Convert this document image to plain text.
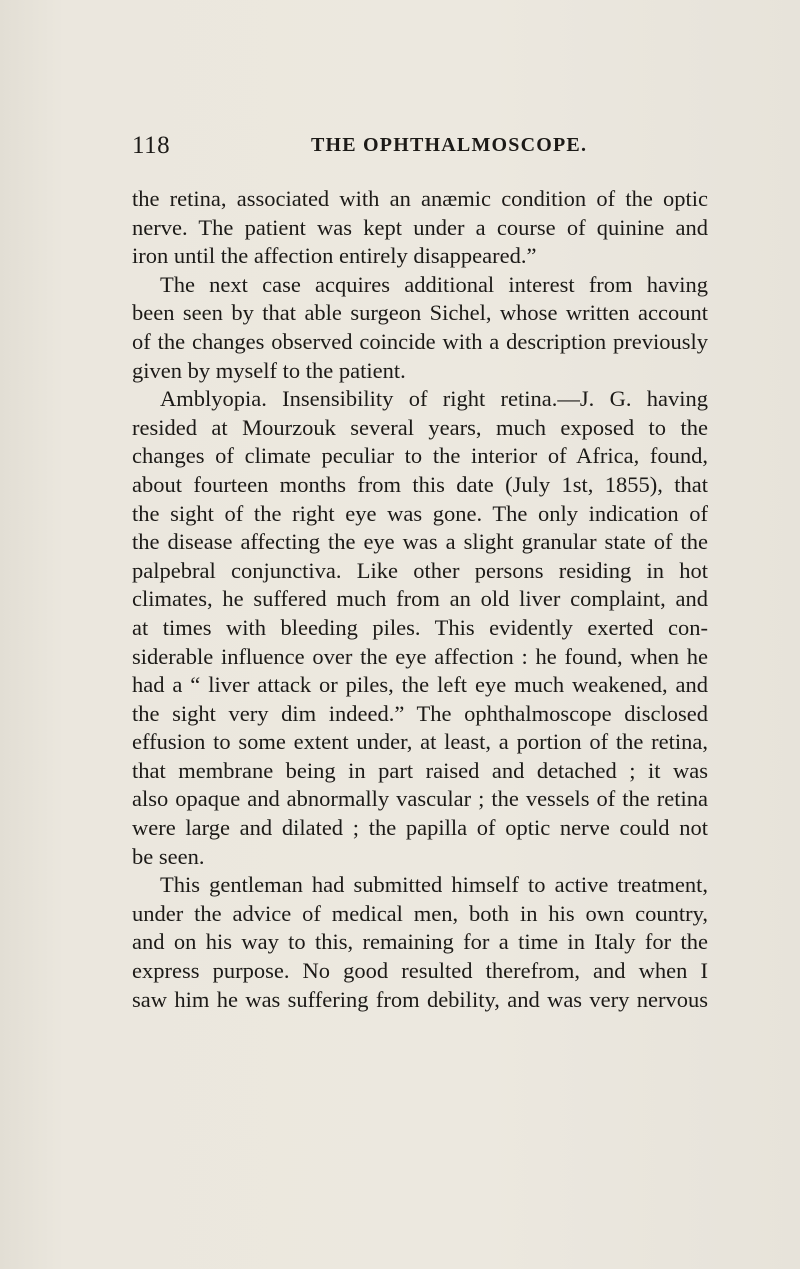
118	THE OPHTHALMOSCOPE.
the retina, associated with an anæmic condition of the optic
nerve. The patient was kept under a course of quinine and
iron until the affection entirely disappeared.”
The next case acquires additional interest from having
been seen by that able surgeon Sichel, whose written account
of the changes observed coincide with a description previously
given by myself to the patient.
Amblyopia. Insensibility of right retina.—J. G. having
resided at Mourzouk several years, much exposed to the
changes of climate peculiar to the interior of Africa, found,
about fourteen months from this date (July 1st, 1855), that
the sight of the right eye was gone. The only indication of
the disease affecting the eye was a slight granular state of the
palpebral conjunctiva. Like other persons residing in hot
climates, he suffered much from an old liver complaint, and
at times with bleeding piles. This evidently exerted con-
siderable influence over the eye affection : he found, when he
had a “ liver attack or piles, the left eye much weakened, and
the sight very dim indeed.” The ophthalmoscope disclosed
effusion to some extent under, at least, a portion of the retina,
that membrane being in part raised and detached ; it was
also opaque and abnormally vascular ; the vessels of the retina
were large and dilated ; the papilla of optic nerve could not
be seen.
This gentleman had submitted himself to active treatment,
under the advice of medical men, both in his own country,
and on his way to this, remaining for a time in Italy for the
express purpose. No good resulted therefrom, and when I
saw him he was suffering from debility, and was very nervous
